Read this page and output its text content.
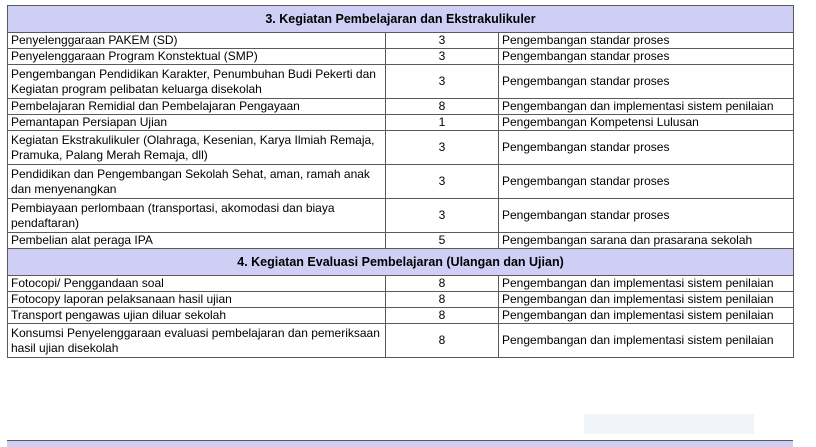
3. Kegiatan Pembelajaran dan Ekstrakulikuler		
Penyelenggaraan PAKEM (SD)	3	Pengembangan standar proses
Penyelenggaraan Program Konstektual (SMP)	3	Pengembangan standar proses
Pengembangan Pendidikan Karakter, Penumbuhan Budi Pekerti dan Kegiatan program pelibatan keluarga disekolah	3	Pengembangan standar proses
Pembelajaran Remidial dan Pembelajaran Pengayaan	8	Pengembangan dan implementasi sistem penilaian
Pemantapan Persiapan Ujian	1	Pengembangan Kompetensi Lulusan
Kegiatan Ekstrakulikuler (Olahraga, Kesenian, Karya Ilmiah Remaja, Pramuka, Palang Merah Remaja, dll)	3	Pengembangan standar proses
Pendidikan dan Pengembangan Sekolah Sehat, aman, ramah anak dan menyenangkan	3	Pengembangan standar proses
Pembiayaan perlombaan (transportasi, akomodasi dan biaya pendaftaran)	3	Pengembangan standar proses
Pembelian alat peraga IPA	5	Pengembangan sarana dan prasarana sekolah
4. Kegiatan Evaluasi Pembelajaran (Ulangan dan Ujian)		
Fotocopi/ Penggandaan soal	8	Pengembangan dan implementasi sistem penilaian
Fotocopy laporan pelaksanaan hasil ujian	8	Pengembangan dan implementasi sistem penilaian
Transport pengawas ujian diluar sekolah	8	Pengembangan dan implementasi sistem penilaian
Konsumsi Penyelenggaraan evaluasi pembelajaran dan pemeriksaan hasil ujian disekolah	8	Pengembangan dan implementasi sistem penilaian
